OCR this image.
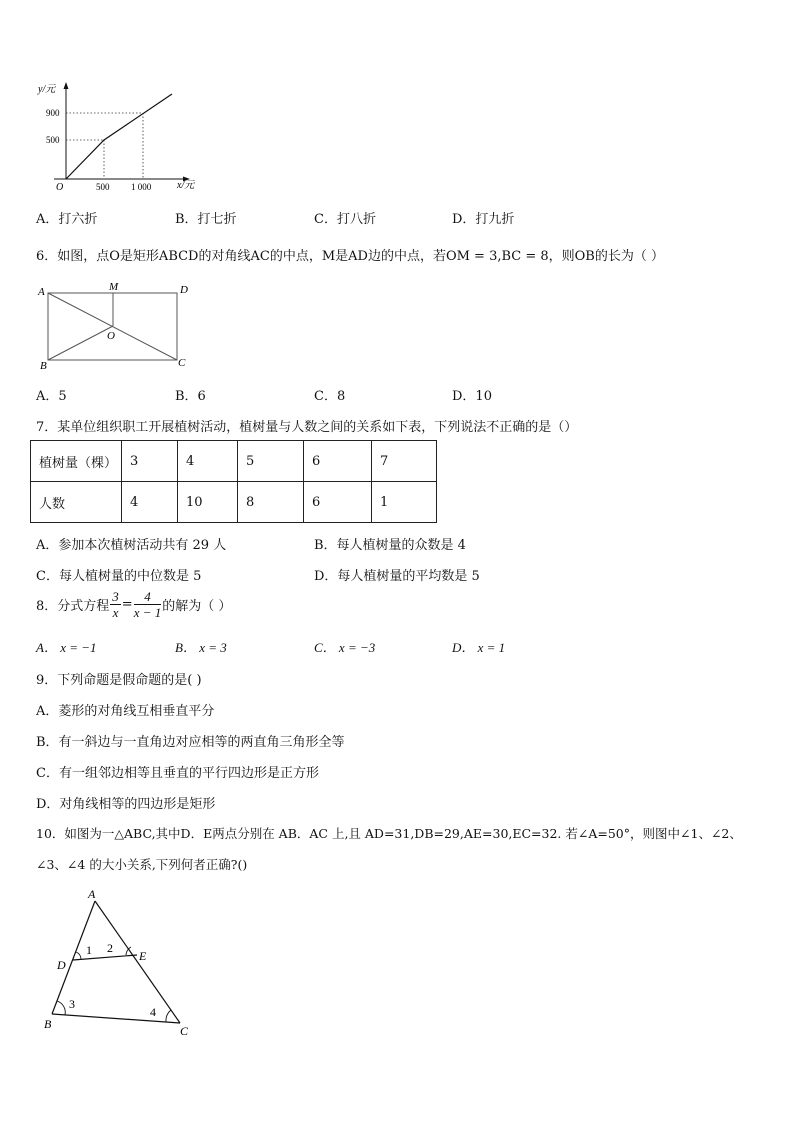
y/元
900
500
O	500 1 000	x/元
A．打六折	B．打七折	C．打八折	D．打九折
6．如图，点O是矩形ABCD的对角线AC的中点，M是AD边的中点，若OM = 3,BC = 8，则OB的长为（ ）
A	M	D
O
B	C
A．5	B．6	C．8	D．10
7．某单位组织职工开展植树活动，植树量与人数之间的关系如下表，下列说法不正确的是（）
植树量（棵）	3	4	5	6	7
人数	4	10	8	6	1
A．参加本次植树活动共有 29 人	B．每人植树量的众数是 4
C．每人植树量的中位数是 5	D．每人植树量的平均数是 5
8．分式方程 $\frac{3}{x} = \frac{4}{x - 1}$ 的解为（ ）
A． x = −1	B． x = 3	C． x = −3	D． x = 1
9．下列命题是假命题的是( )
A．菱形的对角线互相垂直平分
B．有一斜边与一直角边对应相等的两直角三角形全等
C．有一组邻边相等且垂直的平行四边形是正方形
D．对角线相等的四边形是矩形
10．如图为一△ABC,其中D．E两点分别在 AB．AC 上,且 AD=31,DB=29,AE=30,EC=32. 若∠A=50°，则图中∠1、∠2、
∠3、∠4 的大小关系,下列何者正确?()
A
D
E
B	C
1 2
3
4
